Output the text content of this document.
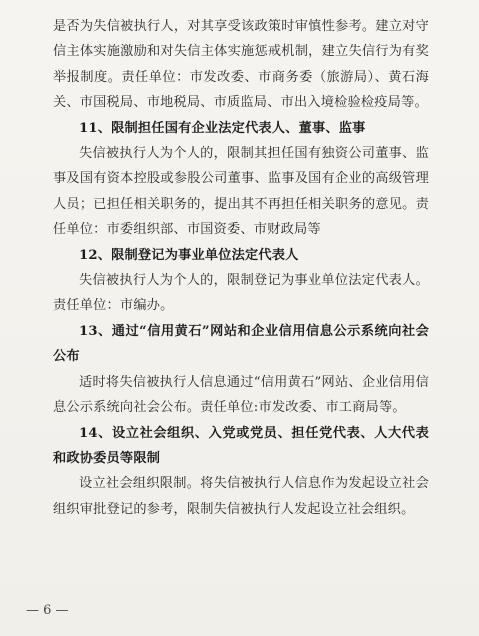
是否为失信被执行人，对其享受该政策时审慎性参考。建立对守信主体实施激励和对失信主体实施惩戒机制，建立失信行为有奖举报制度。责任单位：市发改委、市商务委（旅游局）、黄石海关、市国税局、市地税局、市质监局、市出入境检验检疫局等。

11、限制担任国有企业法定代表人、董事、监事

失信被执行人为个人的，限制其担任国有独资公司董事、监事及国有资本控股或参股公司董事、监事及国有企业的高级管理人员；已担任相关职务的，提出其不再担任相关职务的意见。责任单位：市委组织部、市国资委、市财政局等

12、限制登记为事业单位法定代表人

失信被执行人为个人的，限制登记为事业单位法定代表人。责任单位：市编办。

13、通过“信用黄石”网站和企业信用信息公示系统向社会公布

适时将失信被执行人信息通过“信用黄石”网站、企业信用信息公示系统向社会公布。责任单位:市发改委、市工商局等。

14、设立社会组织、入党或党员、担任党代表、人大代表和政协委员等限制

设立社会组织限制。将失信被执行人信息作为发起设立社会组织审批登记的参考，限制失信被执行人发起设立社会组织。

— 6 —
